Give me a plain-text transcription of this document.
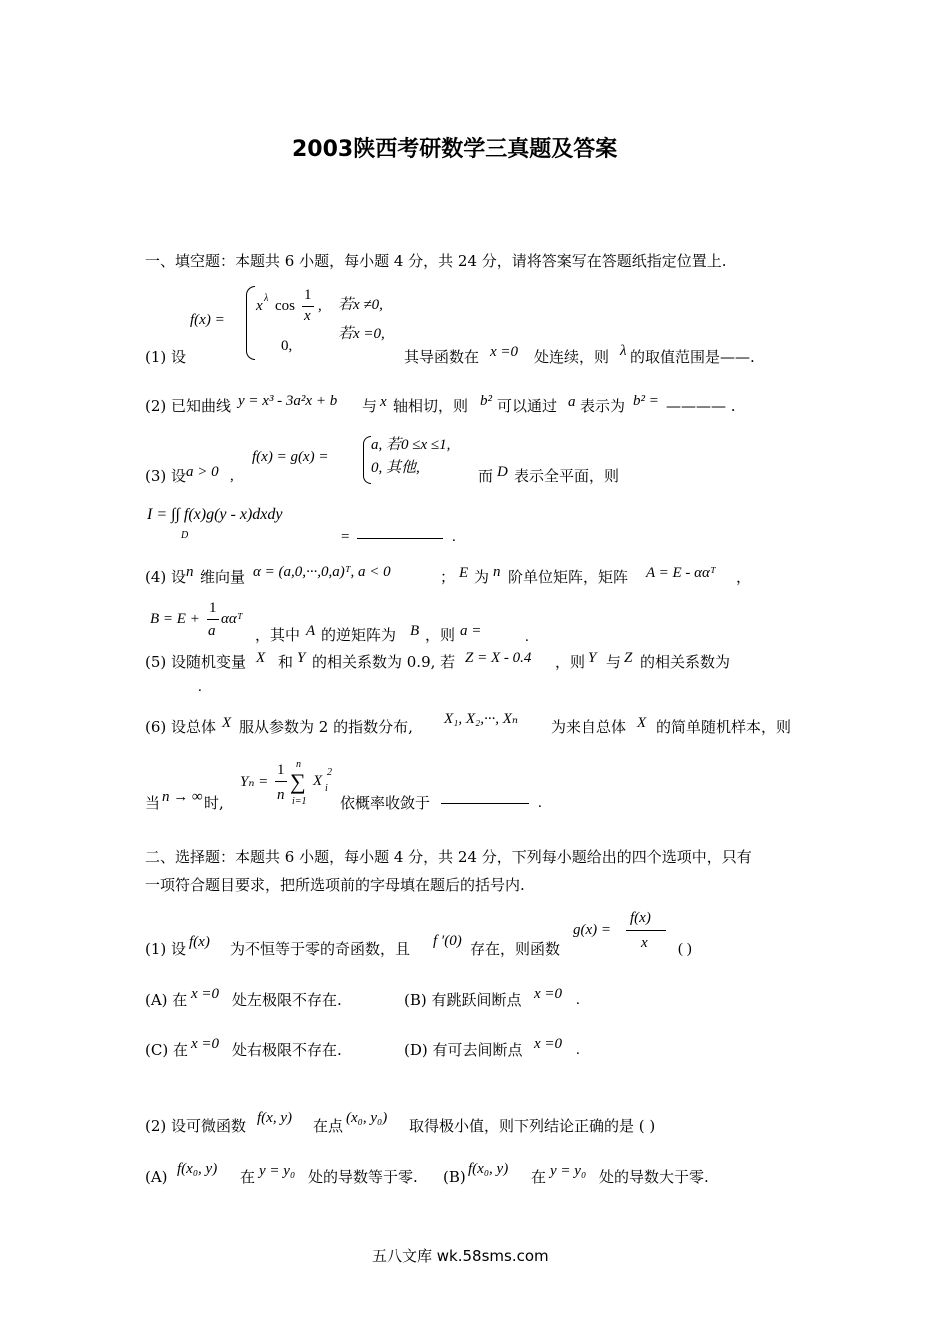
2003陕西考研数学三真题及答案
一、填空题：本题共 6 小题，每小题 4 分，共 24 分，请将答案写在答题纸指定位置上.
f(x) =
x λ cos
1
x
, 若x ≠0,
0,
若x =0,
(1) 设	其导函数在 x =0 处连续，则 λ 的取值范围是——.
(2) 已知曲线 y = x³ - 3a²x + b 与 x 轴相切，则 b² 可以通过 a 表示为 b² = ———— .
(3) 设 a > 0 ,
f(x) = g(x) =
a, 若0 ≤x ≤1,
0, 其他,	而 D 表示全平面，则
I = ∫∫ f(x)g(y - x)dxdy
D	=	.
(4) 设 n 维向量 α = (a,0,···,0,a)ᵀ, a < 0	； E 为 n 阶单位矩阵，矩阵 A = E - ααᵀ ，
B = E +
1
a
ααᵀ
，其中 A 的逆矩阵为 B ，则 a =	.
(5) 设随机变量 X 和 Y 的相关系数为 0.9, 若 Z = X - 0.4 ，则 Y 与 Z 的相关系数为
.
(6) 设总体 X 服从参数为 2 的指数分布, X₁, X₂,···, Xₙ 为来自总体 X 的简单随机样本，则
当 n → ∞ 时,
Yₙ =
1
n
n
∑
i=1
X
2
i
依概率收敛于	.
二、选择题：本题共 6 小题，每小题 4 分，共 24 分，下列每小题给出的四个选项中，只有
一项符合题目要求，把所选项前的字母填在题后的括号内.
(1) 设 f(x) 为不恒等于零的奇函数，且 f ′(0) 存在，则函数
g(x) =
f(x)
x ( )
(A) 在 x =0 处左极限不存在.	(B) 有跳跃间断点 x =0 .
(C) 在 x =0 处右极限不存在.	(D) 有可去间断点 x =0 .
(2) 设可微函数 f(x, y) 在点 (x₀, y₀) 取得极小值，则下列结论正确的是 ( )
(A) f(x₀, y) 在 y = y₀ 处的导数等于零. (B) f(x₀, y) 在 y = y₀ 处的导数大于零.
五八文库 wk.58sms.com
